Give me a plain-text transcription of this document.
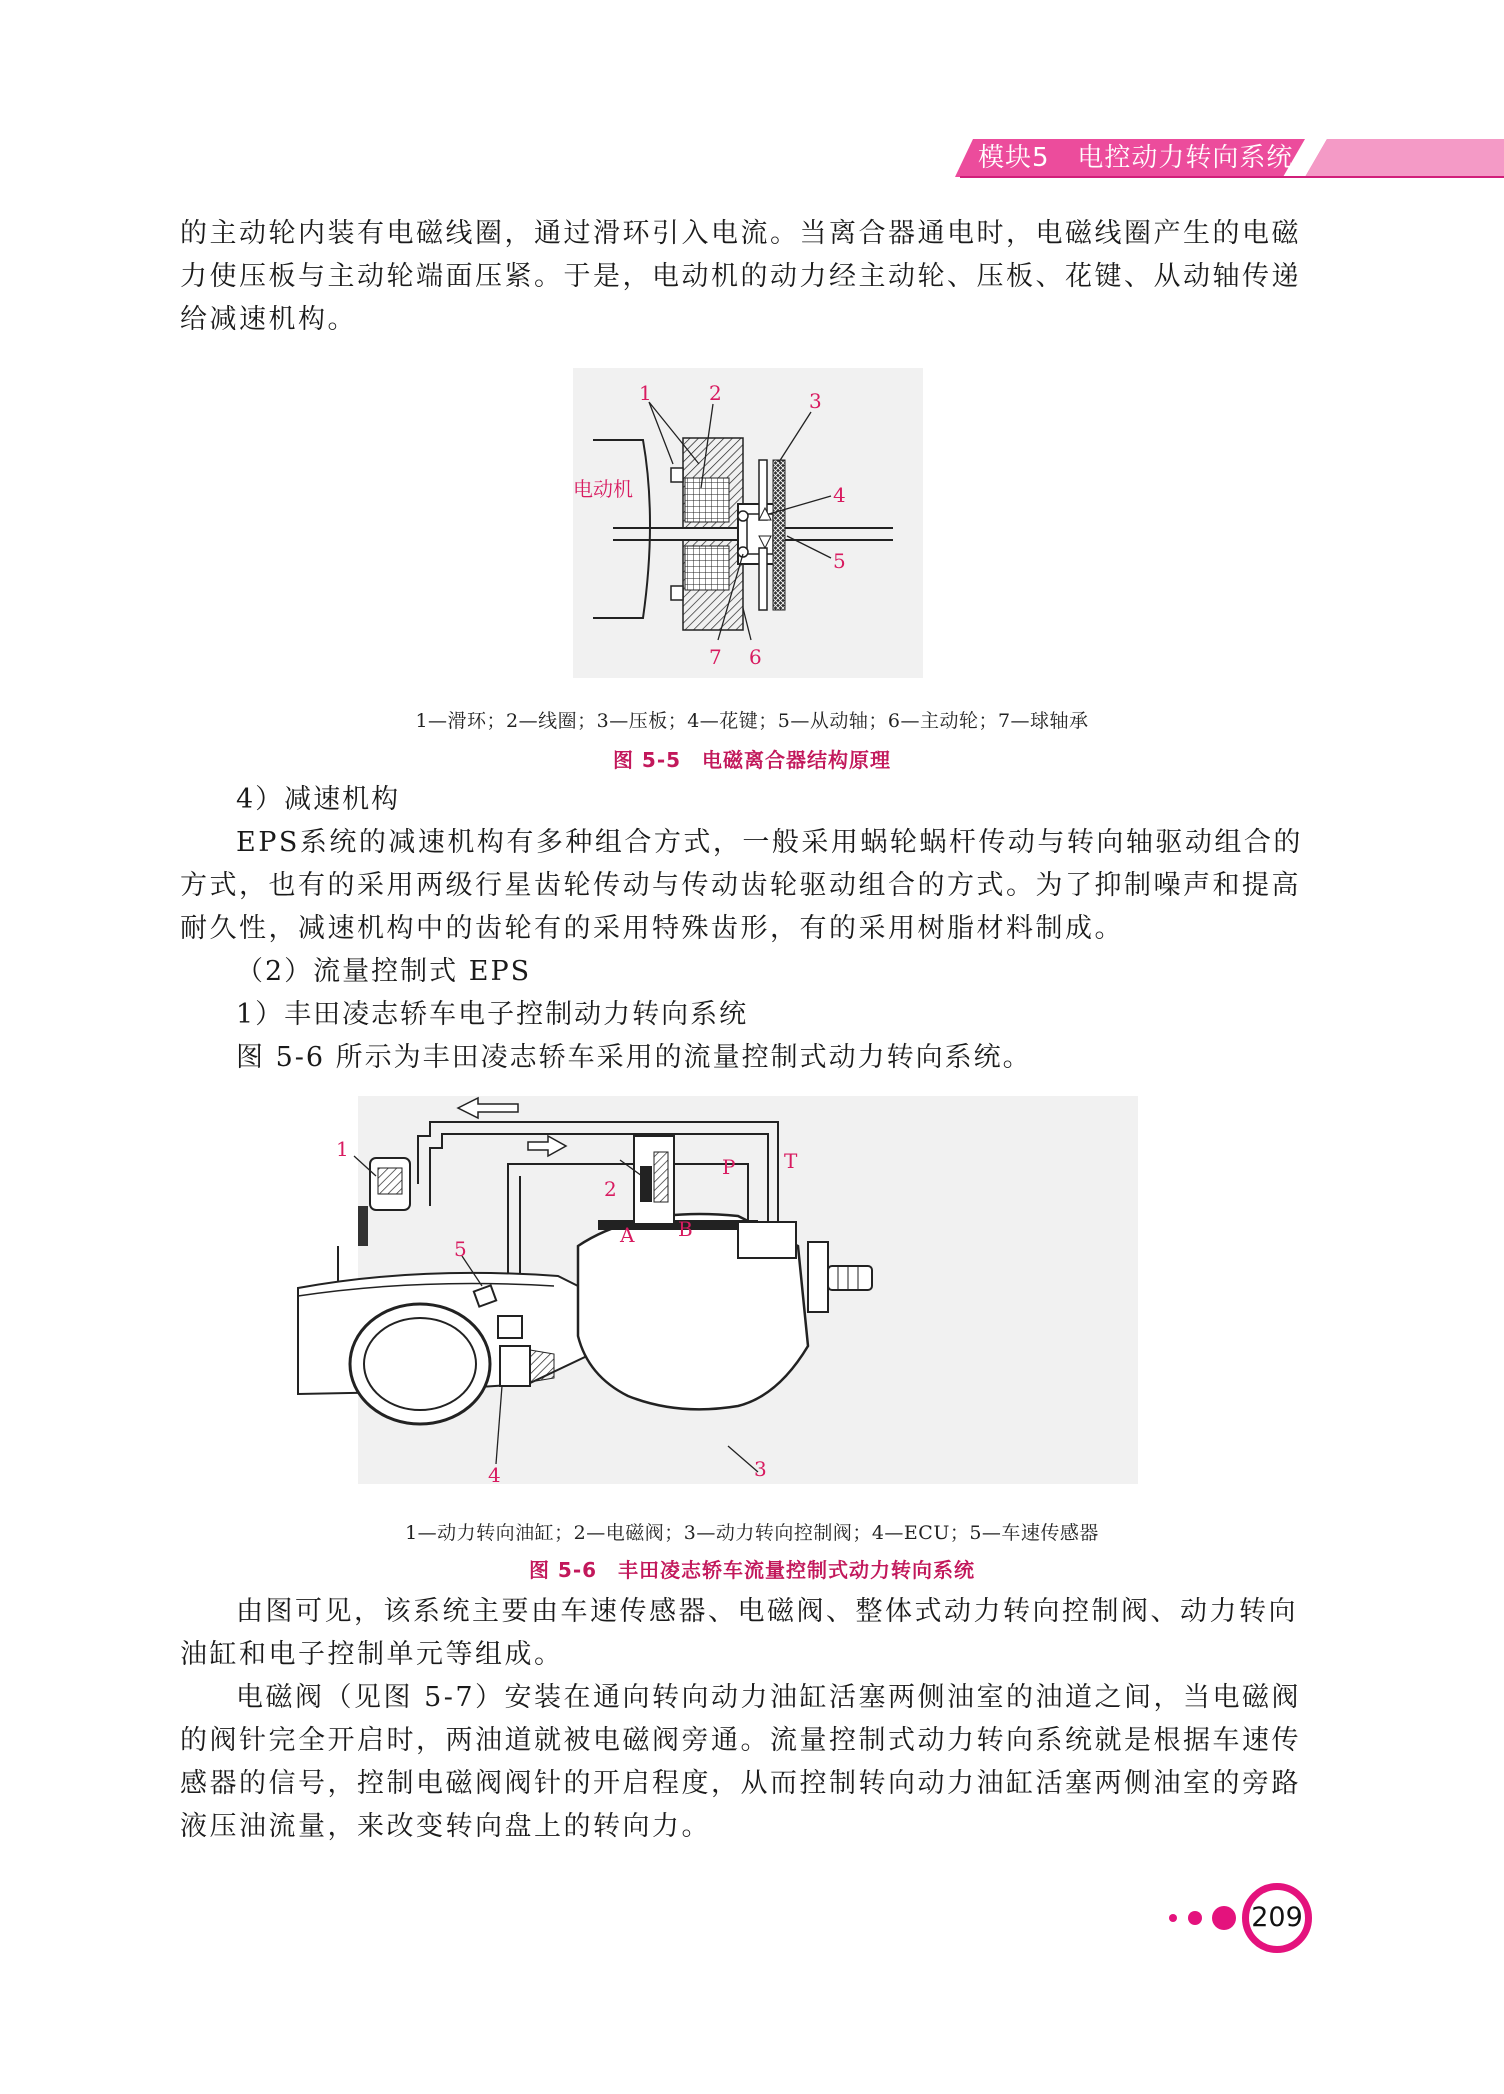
模块5 电控动力转向系统

的主动轮内装有电磁线圈，通过滑环引入电流。当离合器通电时，电磁线圈产生的电磁力使压板与主动轮端面压紧。于是，电动机的动力经主动轮、压板、花键、从动轴传递给减速机构。

电动机
1	2	3
4
5
6
7
1—滑环；2—线圈；3—压板；4—花键；5—从动轴；6—主动轮；7—球轴承
图 5-5　电磁离合器结构原理
4）减速机构

EPS系统的减速机构有多种组合方式，一般采用蜗轮蜗杆传动与转向轴驱动组合的方式，也有的采用两级行星齿轮传动与传动齿轮驱动组合的方式。为了抑制噪声和提高耐久性，减速机构中的齿轮有的采用特殊齿形，有的采用树脂材料制成。

（2）流量控制式 EPS
1）丰田凌志轿车电子控制动力转向系统
图 5-6 所示为丰田凌志轿车采用的流量控制式动力转向系统。
1
2
3
4
5
A B
P T
1—动力转向油缸；2—电磁阀；3—动力转向控制阀；4—ECU；5—车速传感器
图 5-6　丰田凌志轿车流量控制式动力转向系统

由图可见，该系统主要由车速传感器、电磁阀、整体式动力转向控制阀、动力转向油缸和电子控制单元等组成。

电磁阀（见图 5-7）安装在通向转向动力油缸活塞两侧油室的油道之间，当电磁阀的阀针完全开启时，两油道就被电磁阀旁通。流量控制式动力转向系统就是根据车速传感器的信号，控制电磁阀阀针的开启程度，从而控制转向动力油缸活塞两侧油室的旁路液压油流量，来改变转向盘上的转向力。

209
